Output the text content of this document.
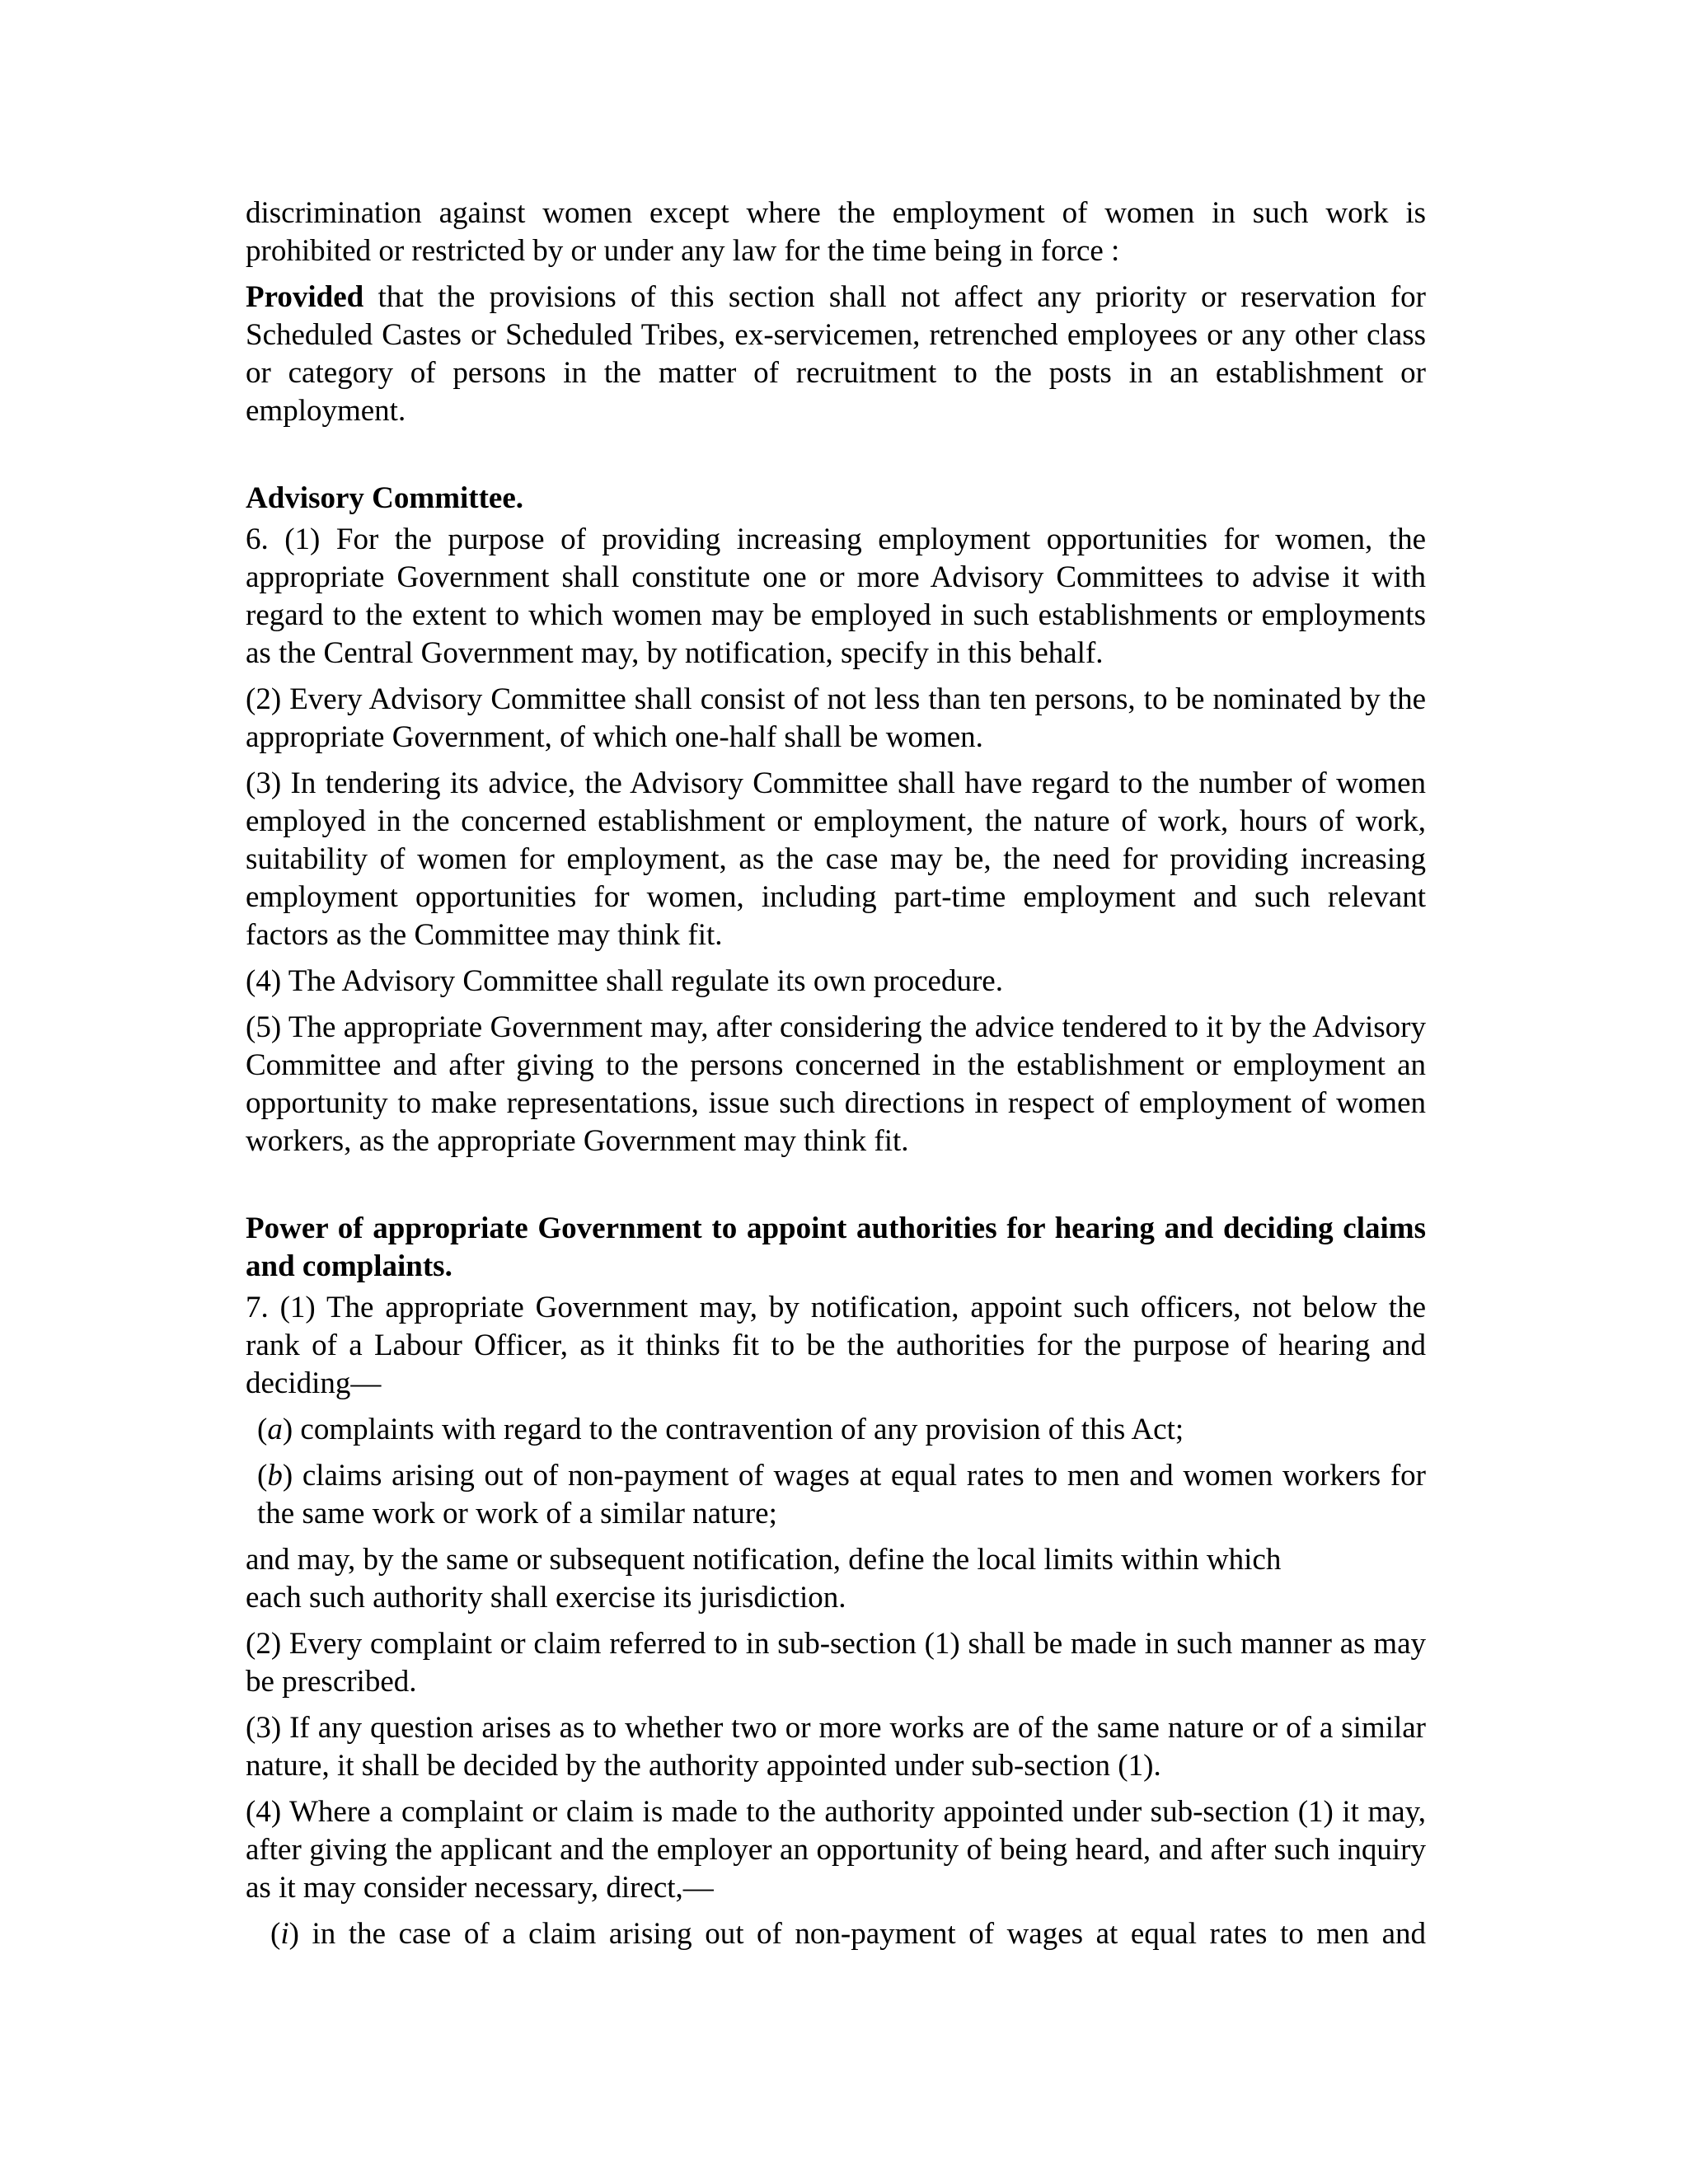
discrimination against women except where the employment of women in such work is prohibited or restricted by or under any law for the time being in force :

Provided that the provisions of this section shall not affect any priority or reservation for Scheduled Castes or Scheduled Tribes, ex-servicemen, retrenched employees or any other class or category of persons in the matter of recruitment to the posts in an establishment or employment.

Advisory Committee.

6. (1) For the purpose of providing increasing employment opportunities for women, the appropriate Government shall constitute one or more Advisory Committees to advise it with regard to the extent to which women may be employed in such establishments or employments as the Central Government may, by notification, specify in this behalf.

(2) Every Advisory Committee shall consist of not less than ten persons, to be nominated by the appropriate Government, of which one-half shall be women.

(3) In tendering its advice, the Advisory Committee shall have regard to the number of women employed in the concerned establishment or employment, the nature of work, hours of work, suitability of women for employment, as the case may be, the need for providing increasing employment opportunities for women, including part-time employment and such relevant factors as the Committee may think fit.

(4) The Advisory Committee shall regulate its own procedure.

(5) The appropriate Government may, after considering the advice tendered to it by the Advisory Committee and after giving to the persons concerned in the establishment or employment an opportunity to make representations, issue such directions in respect of employment of women workers, as the appropriate Government may think fit.

Power of appropriate Government to appoint authorities for hearing and deciding claims and complaints.

7. (1) The appropriate Government may, by notification, appoint such officers, not below the rank of a Labour Officer, as it thinks fit to be the authorities for the purpose of hearing and deciding—

(a) complaints with regard to the contravention of any provision of this Act;

(b) claims arising out of non-payment of wages at equal rates to men and women workers for the same work or work of a similar nature;

and may, by the same or subsequent notification, define the local limits within which
each such authority shall exercise its jurisdiction.

(2) Every complaint or claim referred to in sub-section (1) shall be made in such manner as may be prescribed.

(3) If any question arises as to whether two or more works are of the same nature or of a similar nature, it shall be decided by the authority appointed under sub-section (1).

(4) Where a complaint or claim is made to the authority appointed under sub-section (1) it may, after giving the applicant and the employer an opportunity of being heard, and after such inquiry as it may consider necessary, direct,—

(i) in the case of a claim arising out of non-payment of wages at equal rates to men and
